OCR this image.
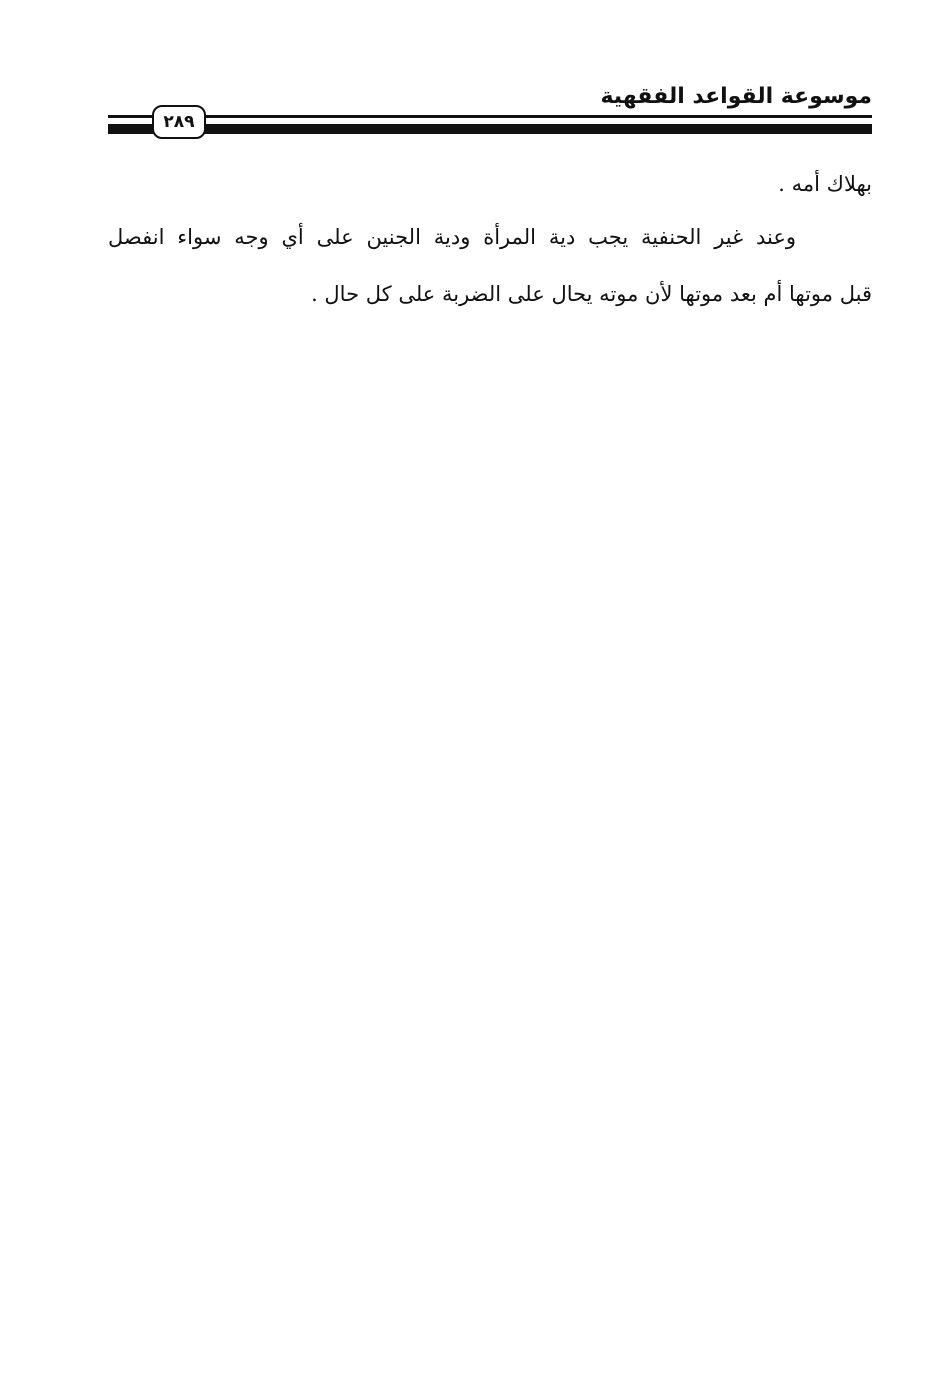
موسوعة القواعد الفقهية
٢٨٩
بهلاك أمه .
وعند غير الحنفية يجب دية المرأة ودية الجنين على أي وجه سواء انفصل
قبل موتها أم بعد موتها لأن موته يحال على الضربة على كل حال .
